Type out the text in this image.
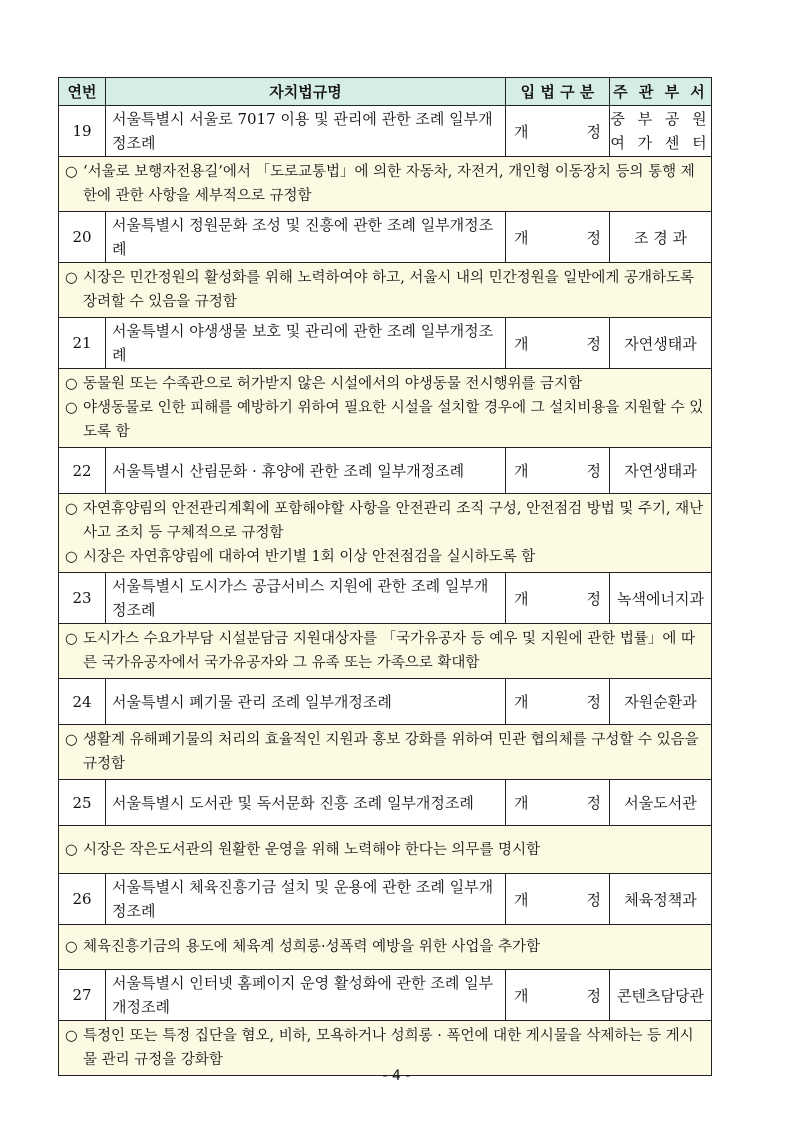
연번	자치법규명	입 법 구 분	주 관 부 서
19	서울특별시 서울로 7017 이용 및 관리에 관한 조례 일부개정조례	개 정	중 부 공 원 여 가 센 터

○ ‘서울로 보행자전용길’에서 「도로교통법」에 의한 자동차, 자전거, 개인형 이동장치 등의 통행 제한에 관한 사항을 세부적으로 규정함			

20	서울특별시 정원문화 조성 및 진흥에 관한 조례 일부개정조례	개 정	조 경 과

○ 시장은 민간정원의 활성화를 위해 노력하여야 하고, 서울시 내의 민간정원을 일반에게 공개하도록 장려할 수 있음을 규정함			

21	서울특별시 야생생물 보호 및 관리에 관한 조례 일부개정조례	개 정	자연생태과

○ 동물원 또는 수족관으로 허가받지 않은 시설에서의 야생동물 전시행위를 금지함
○ 야생동물로 인한 피해를 예방하기 위하여 필요한 시설을 설치할 경우에 그 설치비용을 지원할 수 있도록 함			

22	서울특별시 산림문화 · 휴양에 관한 조례 일부개정조례	개 정	자연생태과

○ 자연휴양림의 안전관리계획에 포함해야할 사항을 안전관리 조직 구성, 안전점검 방법 및 주기, 재난사고 조치 등 구체적으로 규정함
○ 시장은 자연휴양림에 대하여 반기별 1회 이상 안전점검을 실시하도록 함			

23	서울특별시 도시가스 공급서비스 지원에 관한 조례 일부개정조례	개 정	녹색에너지과

○ 도시가스 수요가부담 시설분담금 지원대상자를 「국가유공자 등 예우 및 지원에 관한 법률」에 따른 국가유공자에서 국가유공자와 그 유족 또는 가족으로 확대함			

24	서울특별시 폐기물 관리 조례 일부개정조례	개 정	자원순환과

○ 생활계 유해폐기물의 처리의 효율적인 지원과 홍보 강화를 위하여 민관 협의체를 구성할 수 있음을 규정함			

25	서울특별시 도서관 및 독서문화 진흥 조례 일부개정조례	개 정	서울도서관

○ 시장은 작은도서관의 원활한 운영을 위해 노력해야 한다는 의무를 명시함			

26	서울특별시 체육진흥기금 설치 및 운용에 관한 조례 일부개정조례	개 정	체육정책과

○ 체육진흥기금의 용도에 체육계 성희롱·성폭력 예방을 위한 사업을 추가함			

27	서울특별시 인터넷 홈페이지 운영 활성화에 관한 조례 일부개정조례	개 정	콘텐츠담당관

○ 특정인 또는 특정 집단을 혐오, 비하, 모욕하거나 성희롱 · 폭언에 대한 게시물을 삭제하는 등 게시물 관리 규정을 강화함			
- 4 -
